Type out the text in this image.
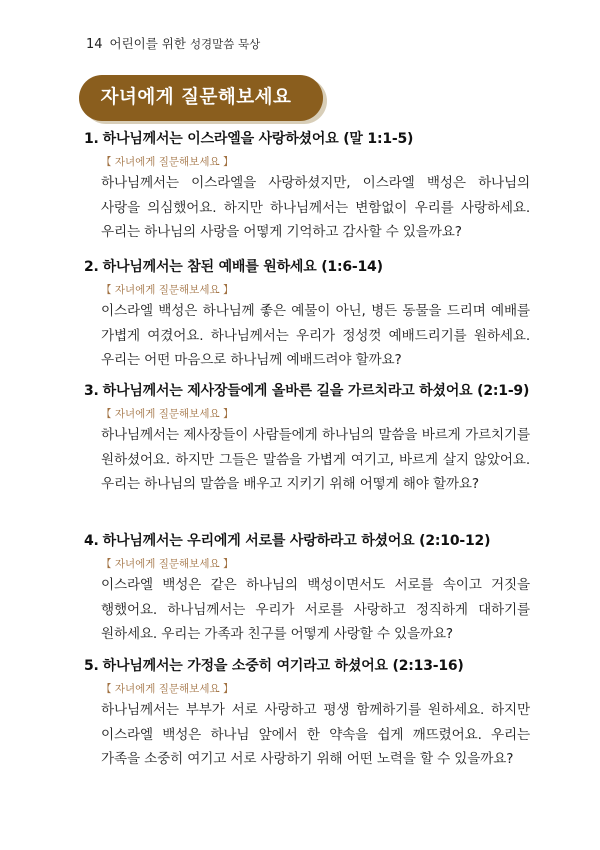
14 어린이를 위한 성경말씀 묵상
자녀에게 질문해보세요
1. 하나님께서는 이스라엘을 사랑하셨어요 (말 1:1-5)
【 자녀에게 질문해보세요 】
하나님께서는 이스라엘을 사랑하셨지만, 이스라엘 백성은 하나님의 사랑을 의심했어요. 하지만 하나님께서는 변함없이 우리를 사랑하세요. 우리는 하나님의 사랑을 어떻게 기억하고 감사할 수 있을까요?
2. 하나님께서는 참된 예배를 원하세요 (1:6-14)
【 자녀에게 질문해보세요 】
이스라엘 백성은 하나님께 좋은 예물이 아닌, 병든 동물을 드리며 예배를 가볍게 여겼어요. 하나님께서는 우리가 정성껏 예배드리기를 원하세요. 우리는 어떤 마음으로 하나님께 예배드려야 할까요?
3. 하나님께서는 제사장들에게 올바른 길을 가르치라고 하셨어요 (2:1-9)
【 자녀에게 질문해보세요 】
하나님께서는 제사장들이 사람들에게 하나님의 말씀을 바르게 가르치기를 원하셨어요. 하지만 그들은 말씀을 가볍게 여기고, 바르게 살지 않았어요. 우리는 하나님의 말씀을 배우고 지키기 위해 어떻게 해야 할까요?
4. 하나님께서는 우리에게 서로를 사랑하라고 하셨어요 (2:10-12)
【 자녀에게 질문해보세요 】
이스라엘 백성은 같은 하나님의 백성이면서도 서로를 속이고 거짓을 행했어요. 하나님께서는 우리가 서로를 사랑하고 정직하게 대하기를 원하세요. 우리는 가족과 친구를 어떻게 사랑할 수 있을까요?
5. 하나님께서는 가정을 소중히 여기라고 하셨어요 (2:13-16)
【 자녀에게 질문해보세요 】
하나님께서는 부부가 서로 사랑하고 평생 함께하기를 원하세요. 하지만 이스라엘 백성은 하나님 앞에서 한 약속을 쉽게 깨뜨렸어요. 우리는 가족을 소중히 여기고 서로 사랑하기 위해 어떤 노력을 할 수 있을까요?
